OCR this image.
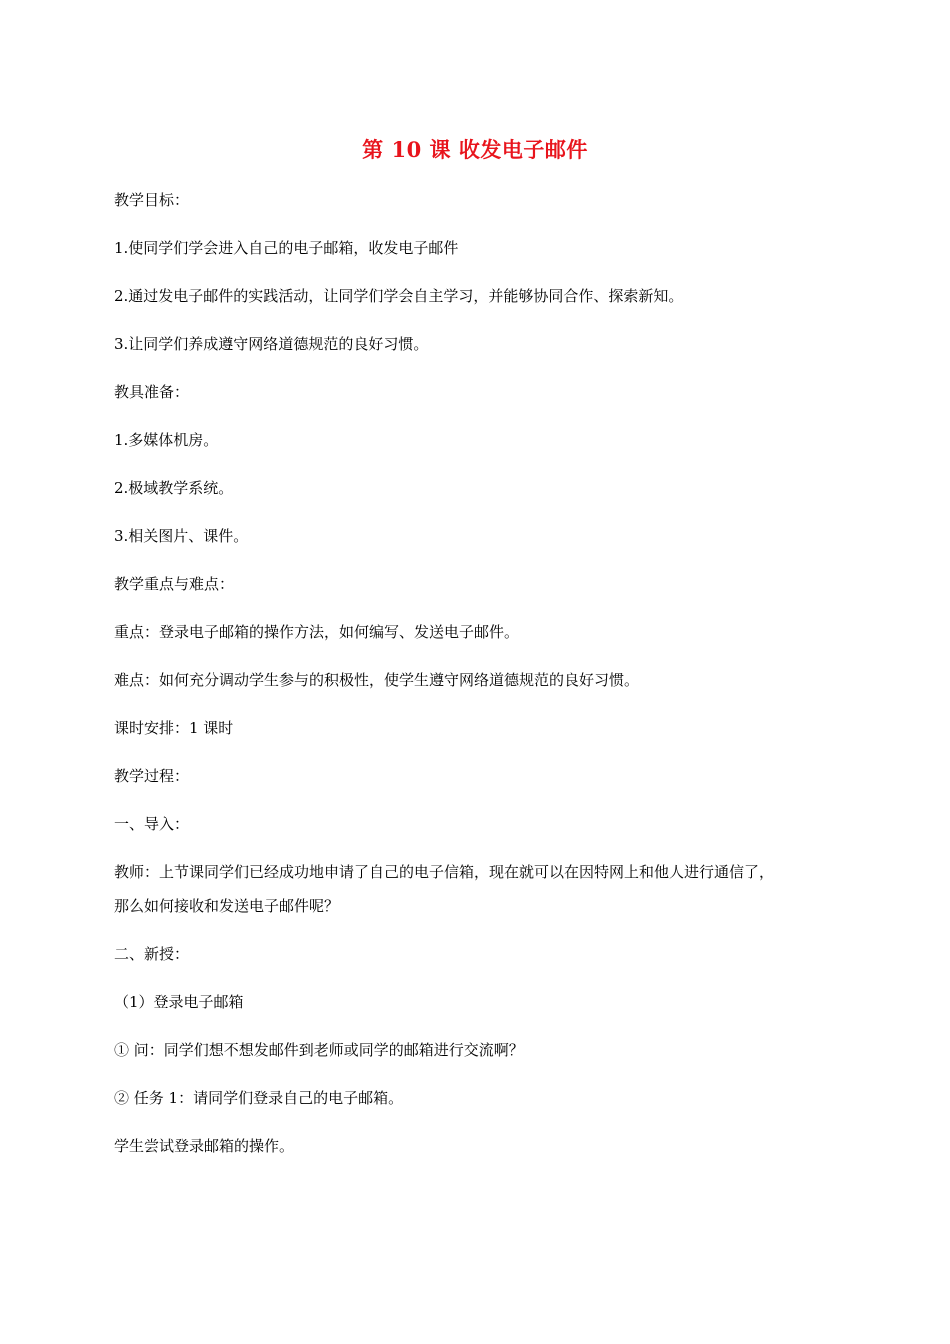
第 10 课 收发电子邮件
教学目标：
1.使同学们学会进入自己的电子邮箱，收发电子邮件
2.通过发电子邮件的实践活动，让同学们学会自主学习，并能够协同合作、探索新知。
3.让同学们养成遵守网络道德规范的良好习惯。
教具准备：
1.多媒体机房。
2.极域教学系统。
3.相关图片、课件。
教学重点与难点：
重点：登录电子邮箱的操作方法，如何编写、发送电子邮件。
难点：如何充分调动学生参与的积极性，使学生遵守网络道德规范的良好习惯。
课时安排：1 课时
教学过程：
一、导入：
教师：上节课同学们已经成功地申请了自己的电子信箱，现在就可以在因特网上和他人进行通信了，
那么如何接收和发送电子邮件呢？
二、新授：
（1）登录电子邮箱
① 问：同学们想不想发邮件到老师或同学的邮箱进行交流啊？
② 任务 1：请同学们登录自己的电子邮箱。
学生尝试登录邮箱的操作。
